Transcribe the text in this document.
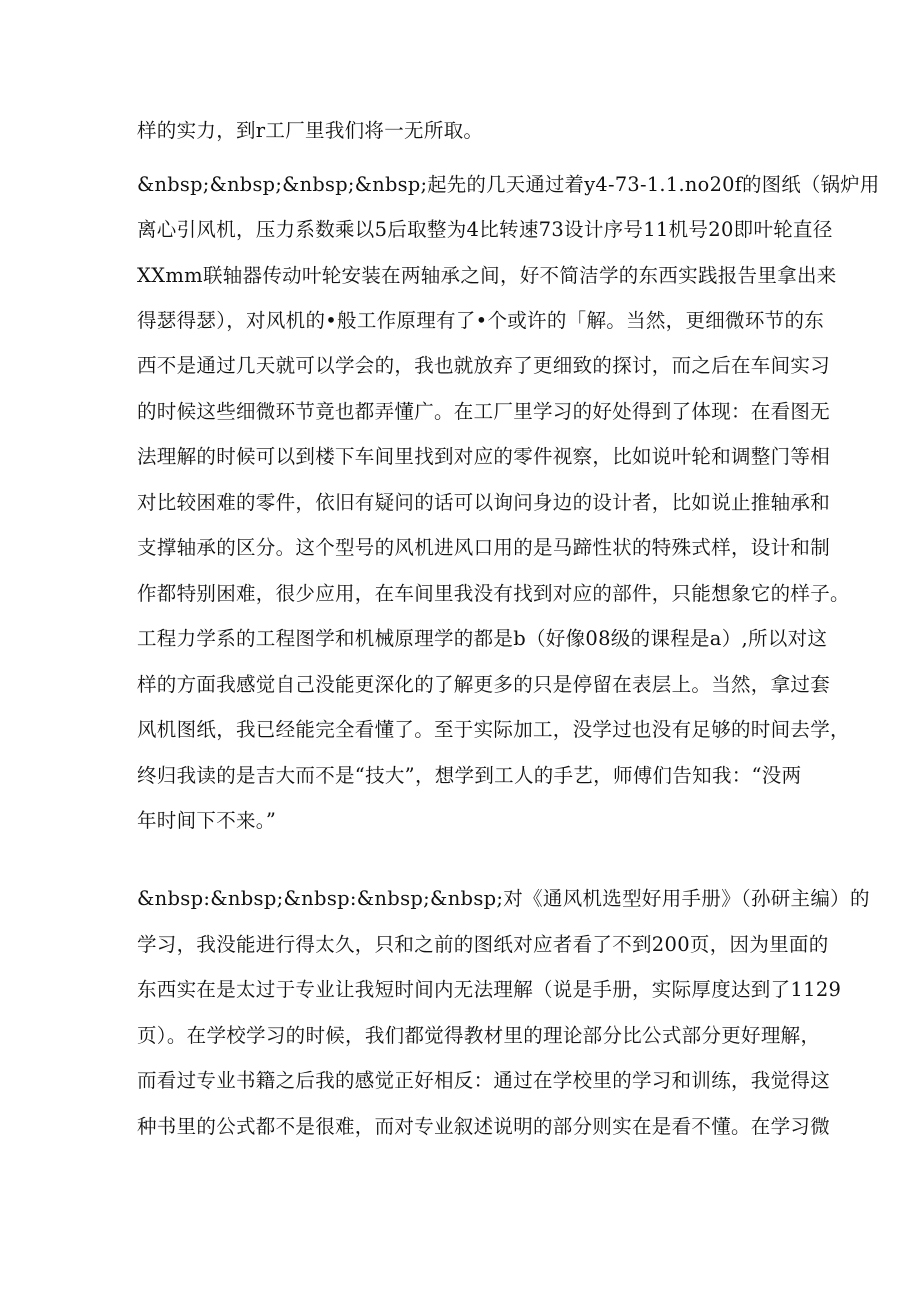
样的实力，到r工厂里我们将一无所取。
&nbsp;&nbsp;&nbsp;&nbsp;起先的几天通过着y4-73-1.1.no20f的图纸（锅炉用
离心引风机，压力系数乘以5后取整为4比转速73设计序号11机号20即叶轮直径
XXmm联轴器传动叶轮安装在两轴承之间，好不简洁学的东西实践报告里拿出来
得瑟得瑟），对风机的•般工作原理有了•个或许的「解。当然，更细微环节的东
西不是通过几天就可以学会的，我也就放弃了更细致的探讨，而之后在车间实习
的时候这些细微环节竟也都弄懂广。在工厂里学习的好处得到了体现：在看图无
法理解的时候可以到楼下车间里找到对应的零件视察，比如说叶轮和调整门等相
对比较困难的零件，依旧有疑问的话可以询问身边的设计者，比如说止推轴承和
支撑轴承的区分。这个型号的风机进风口用的是马蹄性状的特殊式样，设计和制
作都特别困难，很少应用，在车间里我没有找到对应的部件，只能想象它的样子。
工程力学系的工程图学和机械原理学的都是b（好像08级的课程是a）,所以对这
样的方面我感觉自己没能更深化的了解更多的只是停留在表层上。当然，拿过套
风机图纸，我已经能完全看懂了。至于实际加工，没学过也没有足够的时间去学，
终归我读的是吉大而不是“技大”，想学到工人的手艺，师傅们告知我：“没两
年时间下不来。”
&nbsp:&nbsp;&nbsp:&nbsp;&nbsp;对《通风机选型好用手册》（孙研主编）的
学习，我没能进行得太久，只和之前的图纸对应者看了不到200页，因为里面的
东西实在是太过于专业让我短时间内无法理解（说是手册，实际厚度达到了1129
页）。在学校学习的时候，我们都觉得教材里的理论部分比公式部分更好理解，
而看过专业书籍之后我的感觉正好相反：通过在学校里的学习和训练，我觉得这
种书里的公式都不是很难，而对专业叙述说明的部分则实在是看不懂。在学习微
